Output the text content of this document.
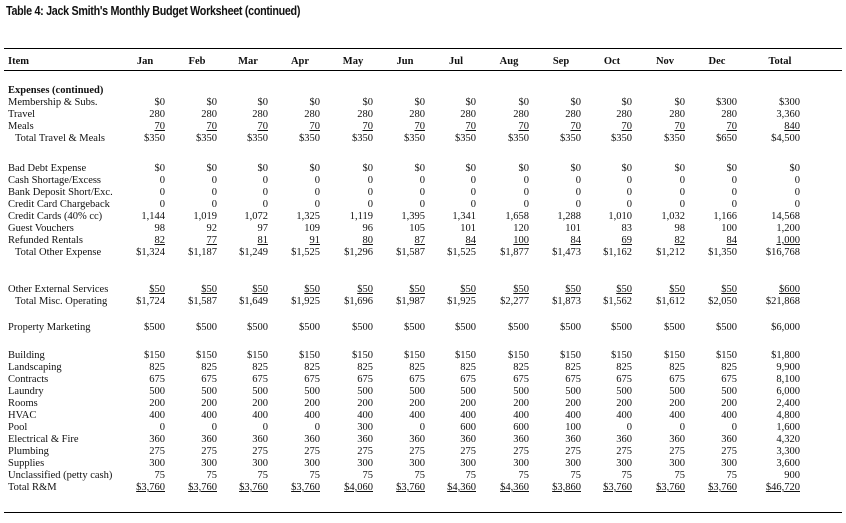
Table 4: Jack Smith's Monthly Budget Worksheet (continued)
Item	Jan	Feb	Mar	Apr	May	Jun	Jul	Aug	Sep	Oct	Nov	Dec	Total
Expenses (continued)
Membership & Subs.	$0	$0	$0	$0	$0	$0	$0	$0	$0	$0	$0	$300	$300
Travel	280	280	280	280	280	280	280	280	280	280	280	280	3,360
Meals	70	70	70	70	70	70	70	70	70	70	70	70	840
Total Travel & Meals	$350	$350	$350	$350	$350	$350	$350	$350	$350	$350	$350	$650	$4,500
Bad Debt Expense	$0	$0	$0	$0	$0	$0	$0	$0	$0	$0	$0	$0	$0
Cash Shortage/Excess	0	0	0	0	0	0	0	0	0	0	0	0	0
Bank Deposit Short/Exc.	0	0	0	0	0	0	0	0	0	0	0	0	0
Credit Card Chargeback	0	0	0	0	0	0	0	0	0	0	0	0	0
Credit Cards (40% cc)	1,144	1,019	1,072	1,325	1,119	1,395	1,341	1,658	1,288	1,010	1,032	1,166	14,568
Guest Vouchers	98	92	97	109	96	105	101	120	101	83	98	100	1,200
Refunded Rentals	82	77	81	91	80	87	84	100	84	69	82	84	1,000
Total Other Expense	$1,324	$1,187	$1,249	$1,525	$1,296	$1,587	$1,525	$1,877	$1,473	$1,162	$1,212	$1,350	$16,768
Other External Services	$50	$50	$50	$50	$50	$50	$50	$50	$50	$50	$50	$50	$600
Total Misc. Operating	$1,724	$1,587	$1,649	$1,925	$1,696	$1,987	$1,925	$2,277	$1,873	$1,562	$1,612	$2,050	$21,868
Property Marketing	$500	$500	$500	$500	$500	$500	$500	$500	$500	$500	$500	$500	$6,000
Building	$150	$150	$150	$150	$150	$150	$150	$150	$150	$150	$150	$150	$1,800
Landscaping	825	825	825	825	825	825	825	825	825	825	825	825	9,900
Contracts	675	675	675	675	675	675	675	675	675	675	675	675	8,100
Laundry	500	500	500	500	500	500	500	500	500	500	500	500	6,000
Rooms	200	200	200	200	200	200	200	200	200	200	200	200	2,400
HVAC	400	400	400	400	400	400	400	400	400	400	400	400	4,800
Pool	0	0	0	0	300	0	600	600	100	0	0	0	1,600
Electrical & Fire	360	360	360	360	360	360	360	360	360	360	360	360	4,320
Plumbing	275	275	275	275	275	275	275	275	275	275	275	275	3,300
Supplies	300	300	300	300	300	300	300	300	300	300	300	300	3,600
Unclassified (petty cash)	75	75	75	75	75	75	75	75	75	75	75	75	900
Total R&M	$3,760	$3,760	$3,760	$3,760	$4,060	$3,760	$4,360	$4,360	$3,860	$3,760	$3,760	$3,760	$46,720
